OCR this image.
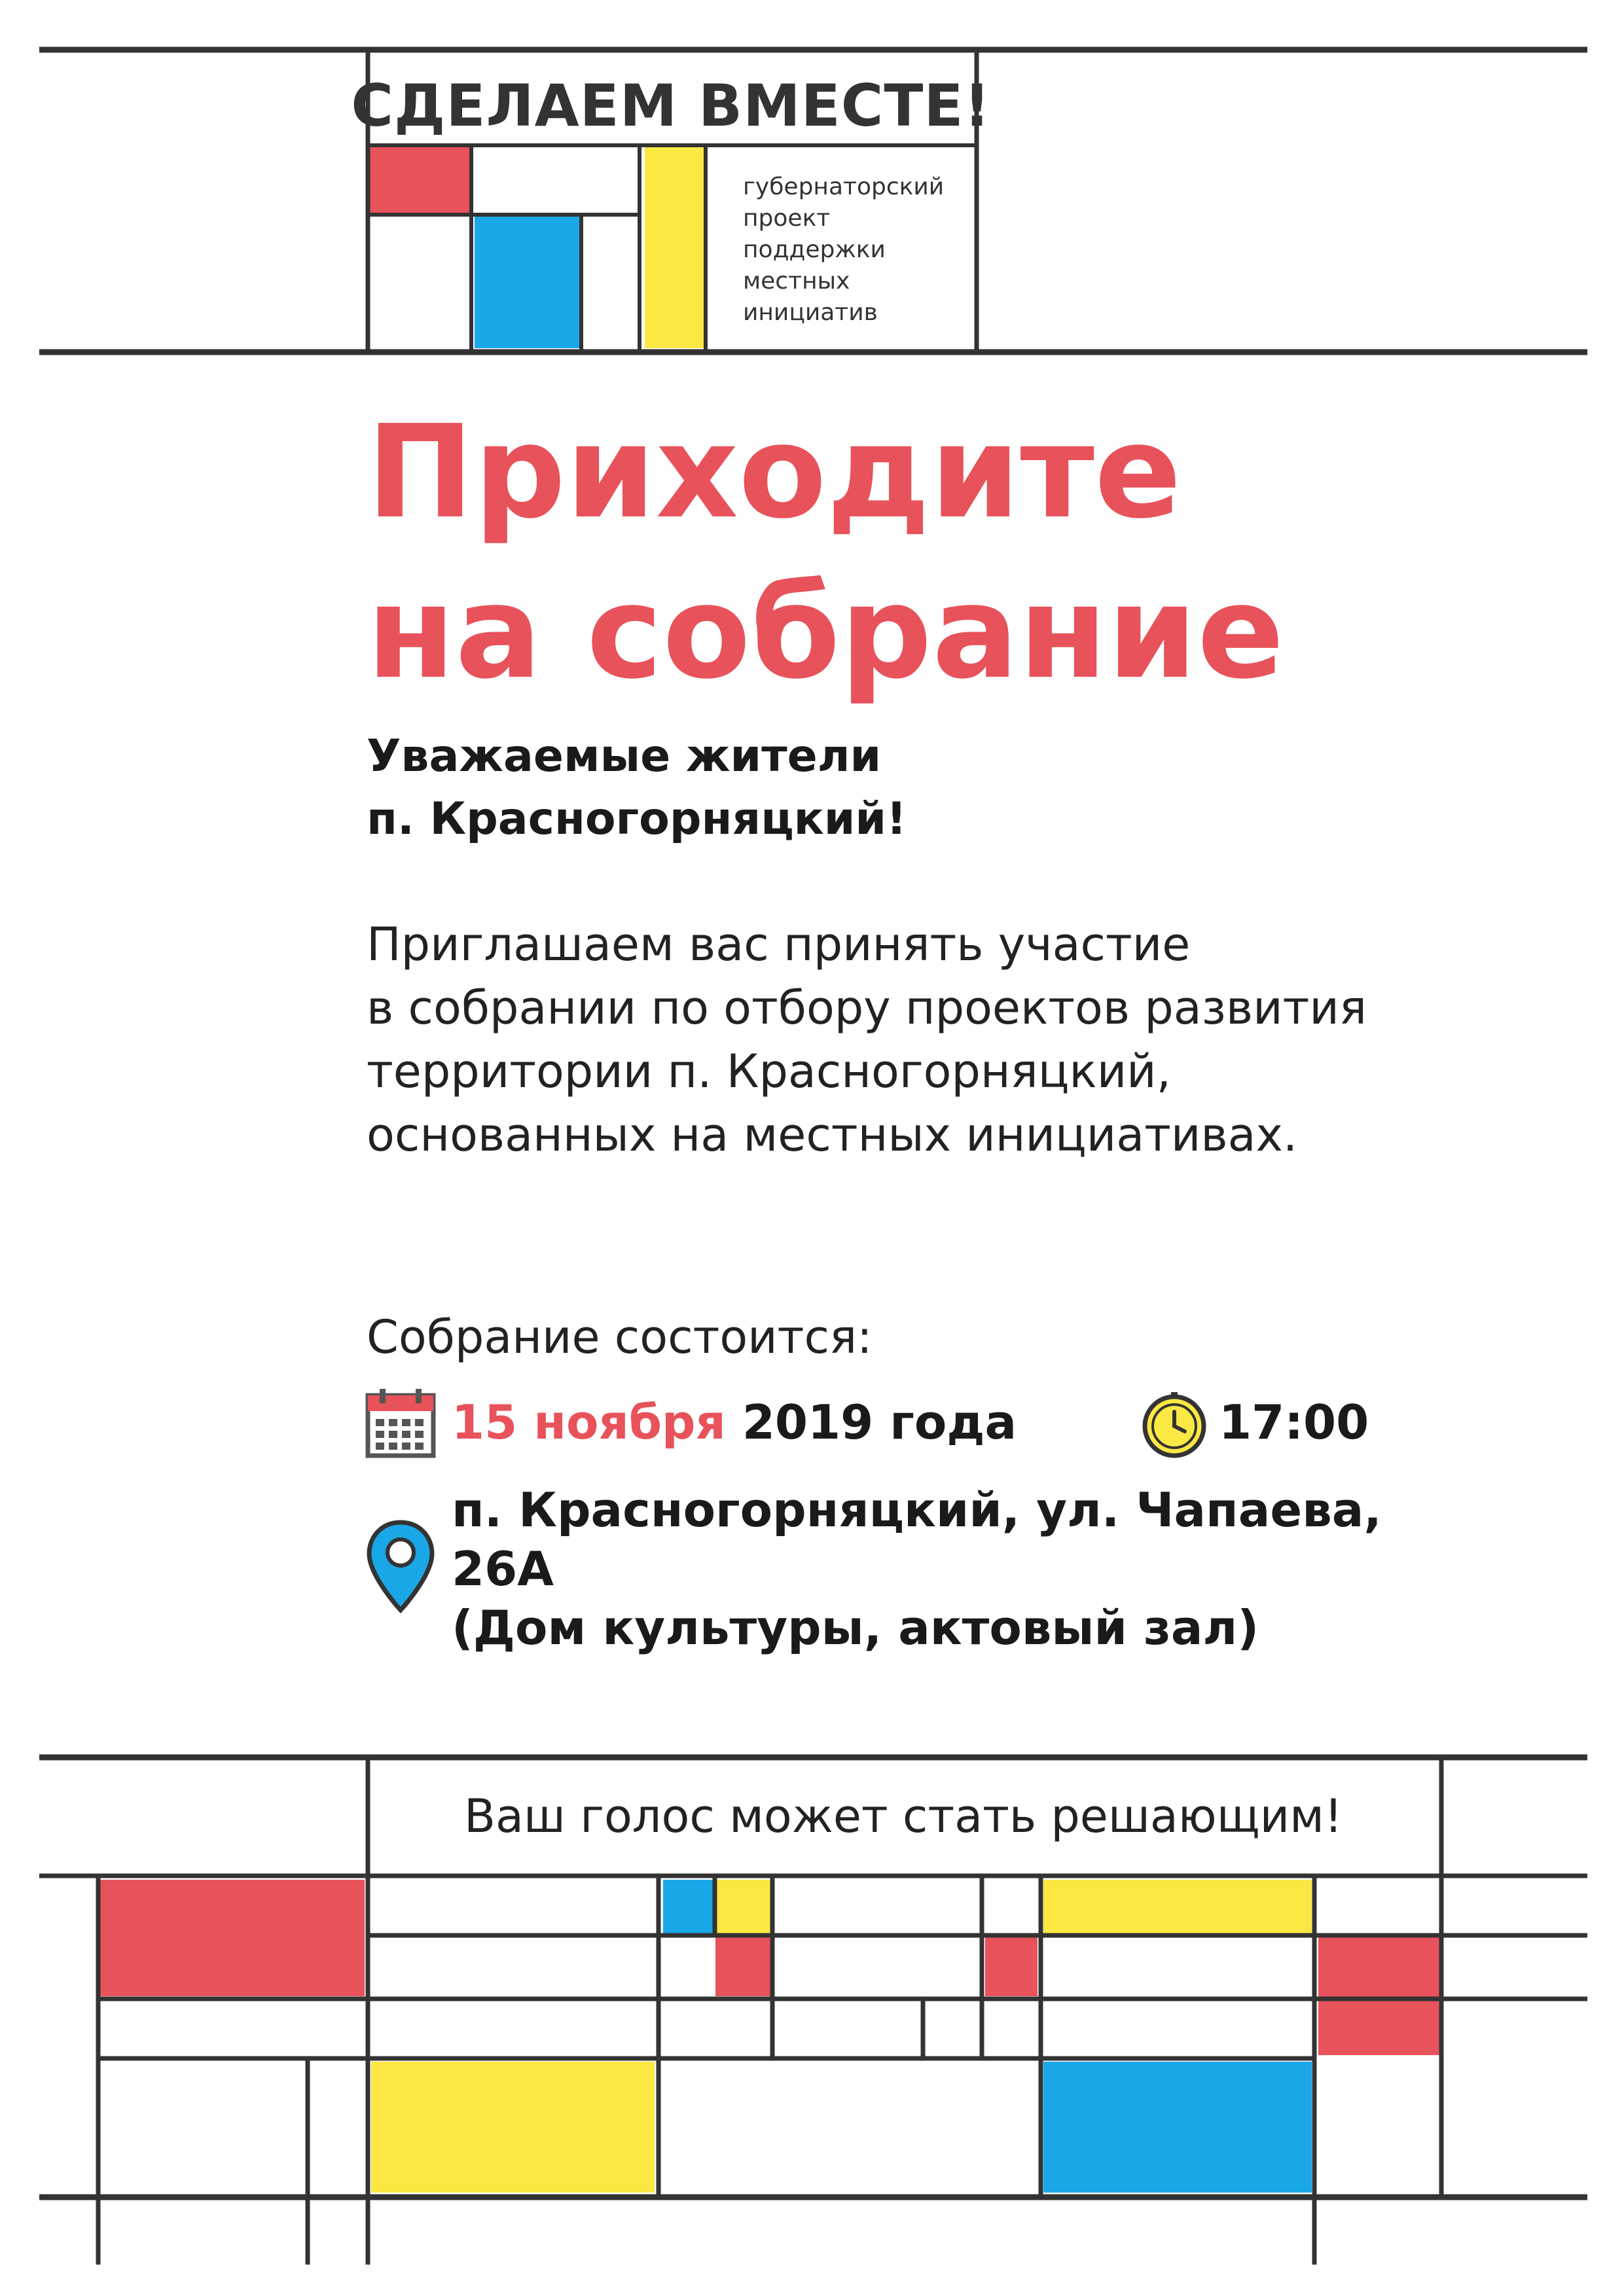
СДЕЛАЕМ ВМЕСТЕ!
губернаторский
проект
поддержки
местных
инициатив
Приходите
на собрание
Уважаемые жители
п. Красногорняцкий!
Приглашаем вас принять участие
в собрании по отбору проектов развития
территории п. Красногорняцкий,
основанных на местных инициативах.
Собрание состоится:
15 ноября 2019 года	17:00
п. Красногорняцкий, ул. Чапаева,
26А
(Дом культуры, актовый зал)
Ваш голос может стать решающим!
